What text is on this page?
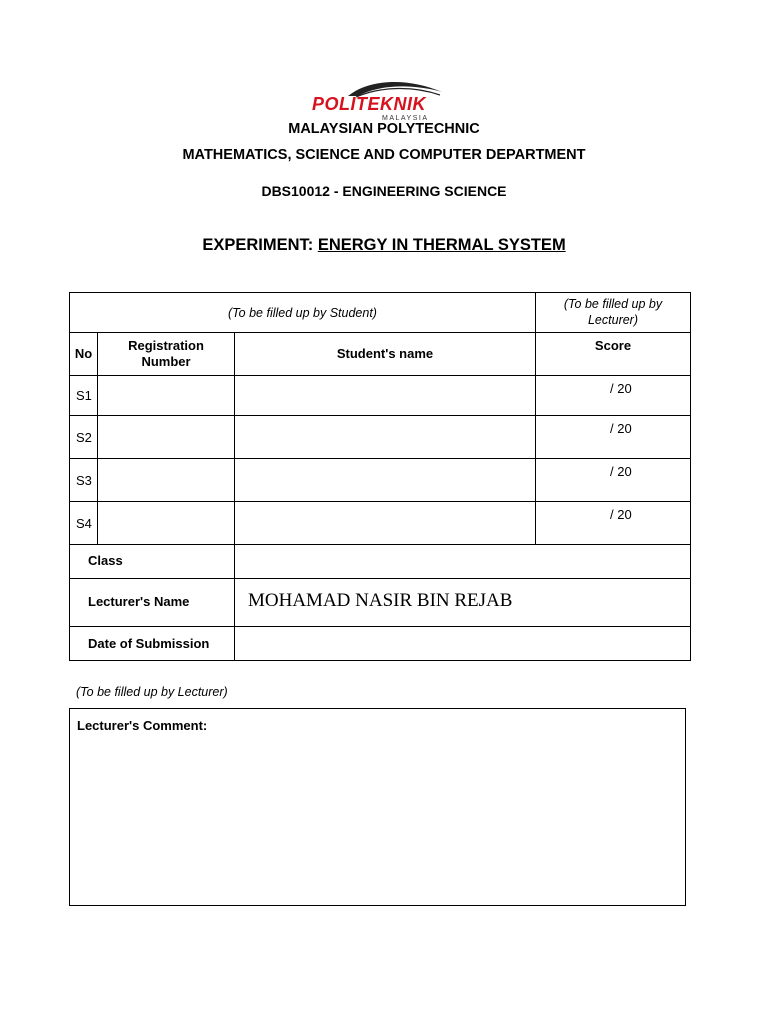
POLITEKNIK
MALAYSIA
MALAYSIAN POLYTECHNIC
MATHEMATICS, SCIENCE AND COMPUTER DEPARTMENT
DBS10012 - ENGINEERING SCIENCE
EXPERIMENT: ENERGY IN THERMAL SYSTEM
(To be filled up by Student)
(To be filled up by Lecturer)
No
Registration Number
Student's name
Score
S1
S2
S3
S4
/ 20
/ 20
/ 20
/ 20
Class
Lecturer's Name	MOHAMAD NASIR BIN REJAB
Date of Submission
(To be filled up by Lecturer)
Lecturer's Comment:
